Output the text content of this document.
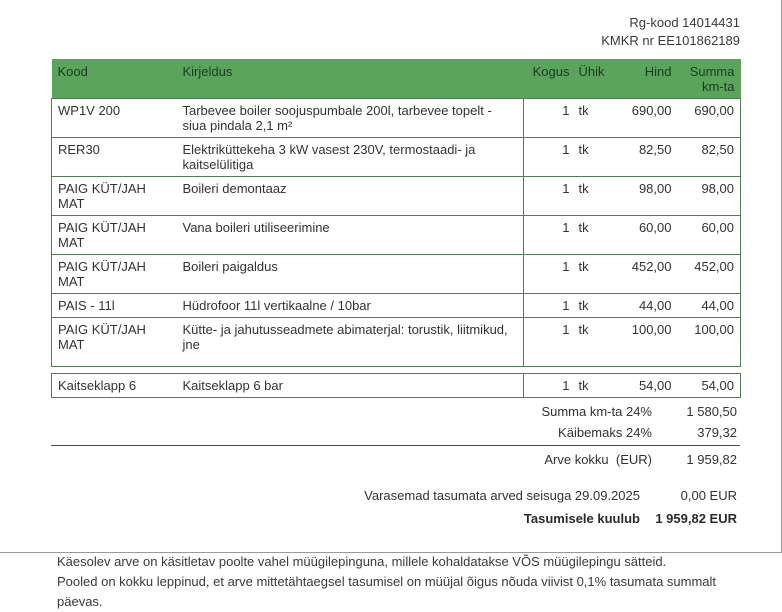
Rg-kood 14014431
KMKR nr EE101862189
Kood	Kirjeldus	Kogus	Ühik	Hind	Summa km-ta
WP1V 200	Tarbevee boiler soojuspumbale 200l, tarbevee topelt - siua pindala 2,1 m²	1	tk	690,00	690,00
RER30	Elektriküttekeha 3 kW vasest 230V, termostaadi- ja kaitselülitiga	1	tk	82,50	82,50
PAIG KÜT/JAH MAT	Boileri demontaaz	1	tk	98,00	98,00
PAIG KÜT/JAH MAT	Vana boileri utiliseerimine	1	tk	60,00	60,00
PAIG KÜT/JAH MAT	Boileri paigaldus	1	tk	452,00	452,00
PAIS - 11l	Hüdrofoor 11l vertikaalne / 10bar	1	tk	44,00	44,00
PAIG KÜT/JAH MAT	Kütte- ja jahutusseadmete abimaterjal: torustik, liitmikud, jne	1	tk	100,00	100,00

Kaitseklapp 6	Kaitseklapp 6 bar	1	tk	54,00	54,00
Summa km-ta 24%	1 580,50
Käibemaks 24%	379,32
Arve kokku  (EUR)	1 959,82
Varasemad tasumata arved seisuga 29.09.2025	0,00 EUR
Tasumisele kuulub	1 959,82 EUR
Käesolev arve on käsitletav poolte vahel müügilepinguna, millele kohaldatakse VÕS müügilepingu sätteid.
Pooled on kokku leppinud, et arve mittetähtaegsel tasumisel on müüjal õigus nõuda viivist 0,1% tasumata summalt päevas.
